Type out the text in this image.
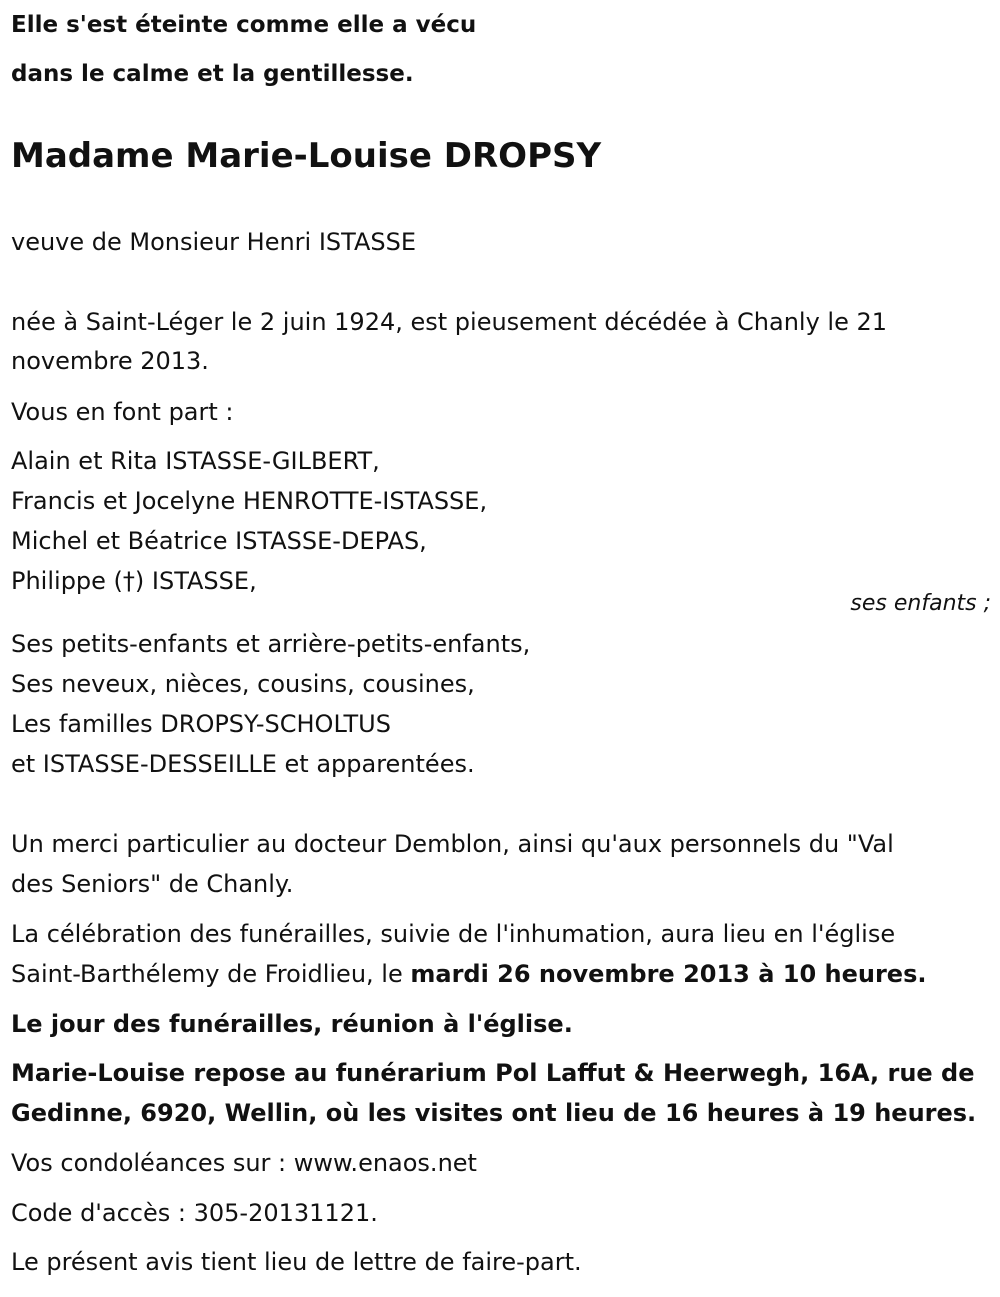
Elle s'est éteinte comme elle a vécu
dans le calme et la gentillesse.
Madame Marie-Louise DROPSY
veuve de Monsieur Henri ISTASSE
née à Saint-Léger le 2 juin 1924, est pieusement décédée à Chanly le 21
novembre 2013.
Vous en font part :
Alain et Rita ISTASSE-GILBERT,
Francis et Jocelyne HENROTTE-ISTASSE,
Michel et Béatrice ISTASSE-DEPAS,
Philippe (†) ISTASSE,
ses enfants ;
Ses petits-enfants et arrière-petits-enfants,
Ses neveux, nièces, cousins, cousines,
Les familles DROPSY-SCHOLTUS
et ISTASSE-DESSEILLE et apparentées.
Un merci particulier au docteur Demblon, ainsi qu'aux personnels du "Val
des Seniors" de Chanly.
La célébration des funérailles, suivie de l'inhumation, aura lieu en l'église
Saint-Barthélemy de Froidlieu, le mardi 26 novembre 2013 à 10 heures.
Le jour des funérailles, réunion à l'église.
Marie-Louise repose au funérarium Pol Laffut & Heerwegh, 16A, rue de
Gedinne, 6920, Wellin, où les visites ont lieu de 16 heures à 19 heures.
Vos condoléances sur : www.enaos.net
Code d'accès : 305-20131121.
Le présent avis tient lieu de lettre de faire-part.
